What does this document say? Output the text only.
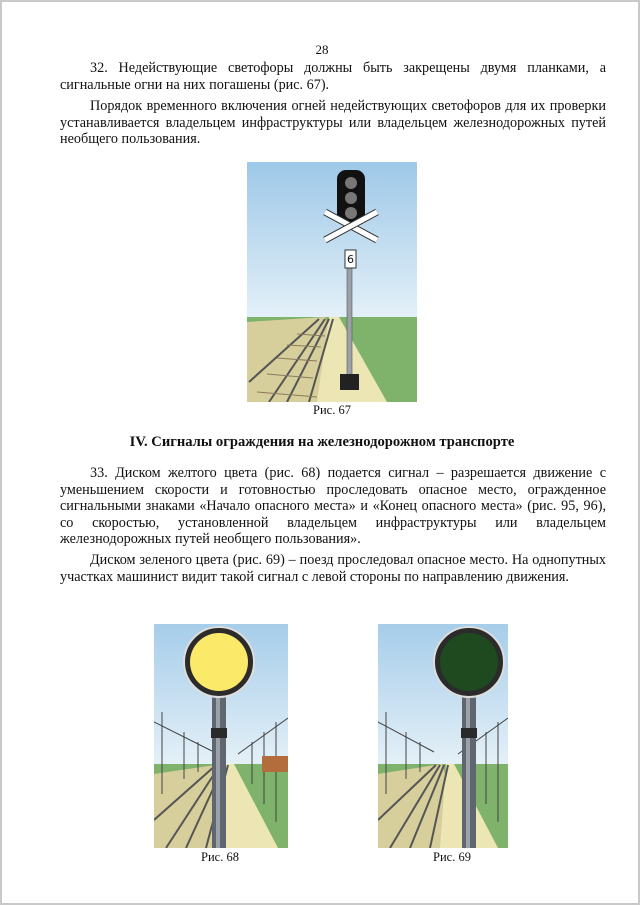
28

32. Недействующие светофоры должны быть закрещены двумя планками, а сигнальные огни на них погашены (рис. 67).

Порядок временного включения огней недействующих светофоров для их проверки устанавливается владельцем инфраструктуры или владельцем железнодорожных путей необщего пользования.

6
Рис. 67
IV. Сигналы ограждения на железнодорожном транспорте

33. Диском желтого цвета (рис. 68) подается сигнал – разрешается движение с уменьшением скорости и готовностью проследовать опасное место, огражденное сигнальными знаками «Начало опасного места» и «Конец опасного места» (рис. 95, 96), со скоростью, установленной владельцем инфраструктуры или владельцем железнодорожных путей необщего пользования».

Диском зеленого цвета (рис. 69) – поезд проследовал опасное место. На однопутных участках машинист видит такой сигнал с левой стороны по направлению движения.

Рис. 68	Рис. 69
